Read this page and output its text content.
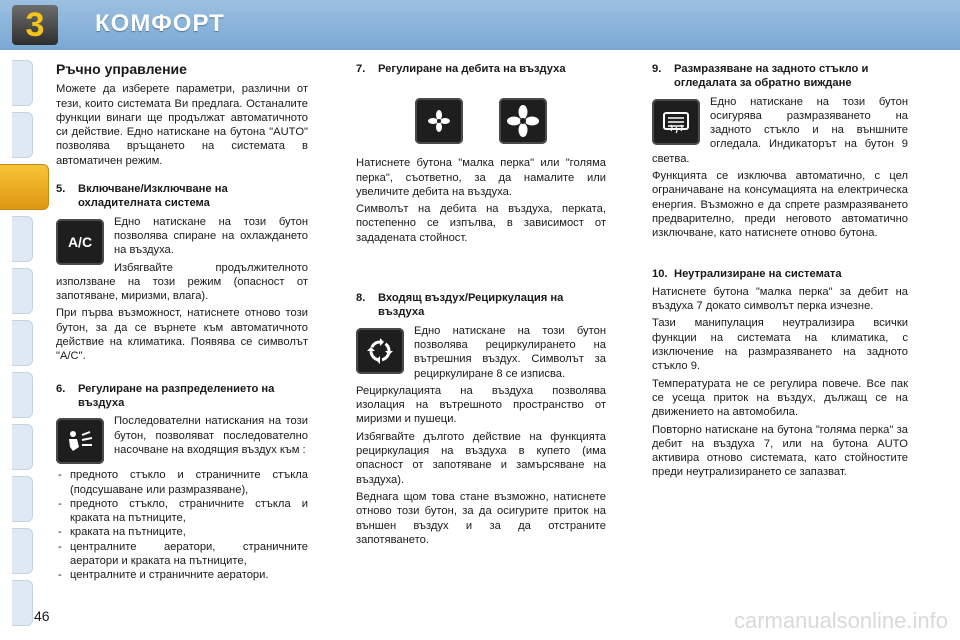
3	КОМФОРТ
Ръчно управление

Можете да изберете параметри, различни от тези, които системата Ви предлага. Останалите функции винаги ще продължат автоматичното си действие. Едно натискане на бутона "AUTO" позволява връщането на системата в автоматичен режим.

5.	Включване/Изключване на охладителната система
A/C

Едно натискане на този бутон позволява спиране на охлаждането на въздуха.

Избягвайте продължителното използване на този режим (опасност от запотяване, миризми, влага).

При първа възможност, натиснете отново този бутон, за да се върнете към автоматичното действие на климатика. Появява се символът "A/C".

6.	Регулиране на разпределението на въздуха

Последователни натискания на този бутон, позволяват последователно насочване на входящия въздух към :

- предното стъкло и страничните стъкла (подсушаване или размразяване),
- предното стъкло, страничните стъкла и краката на пътниците,
- краката на пътниците,
- централните аератори, страничните аератори и краката на пътниците,
- централните и страничните аератори.
7.	Регулиране на дебита на въздуха

Натиснете бутона "малка перка" или "голяма перка", съответно, за да намалите или увеличите дебита на въздуха.

Символът на дебита на въздуха, перката, постепенно се изпълва, в зависимост от зададената стойност.

8.	Входящ въздух/Рециркулация на въздуха

Едно натискане на този бутон позволява рециркулирането на вътрешния въздух. Символът за рециркулиране 8 се изписва.

Рециркулацията на въздуха позволява изолация на вътрешното пространство от миризми и пушеци.

Избягвайте дългото действие на функцията рециркулация на въздуха в купето (има опасност от запотяване и замърсяване на въздуха).

Веднага щом това стане възможно, натиснете отново този бутон, за да осигурите приток на външен въздух и за да отстраните запотяването.

9.	Размразяване на задното стъкло и огледалата за обратно виждане

Едно натискане на този бутон осигурява размразяването на задното стъкло и на външните огледала. Индикаторът на бутон 9 светва.

Функцията се изключва автоматично, с цел ограничаване на консумацията на електрическа енергия. Възможно е да спрете размразяването предварително, преди неговото автоматично изключване, като натиснете отново бутона.

10. Неутрализиране на системата

Натиснете бутона "малка перка" за дебит на въздуха 7 докато символът перка изчезне.

Тази манипулация неутрализира всички функции на системата на климатика, с изключение на размразяването на задното стъкло 9.

Температурата не се регулира повече. Все пак се усеща приток на въздух, дължащ се на движението на автомобила.

Повторно натискане на бутона "голяма перка" за дебит на въздуха 7, или на бутона AUTO активира отново системата, като стойностите преди неутрализирането се запазват.

46	carmanualsonline.info
